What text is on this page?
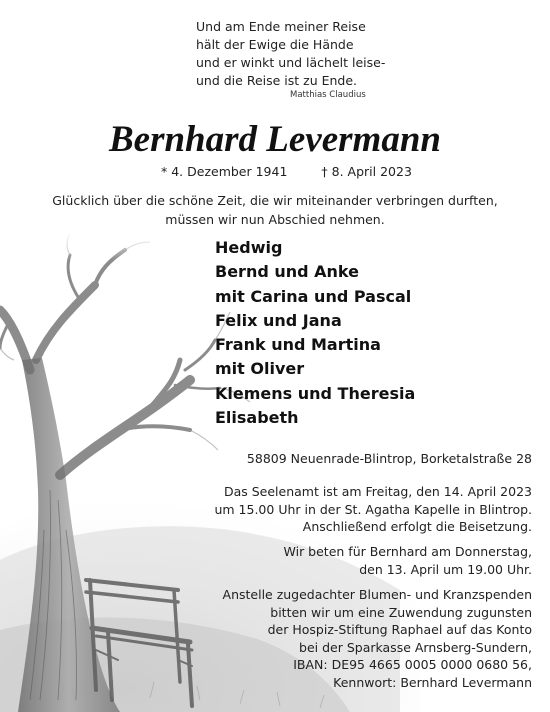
Und am Ende meiner Reise
hält der Ewige die Hände
und er winkt und lächelt leise-
und die Reise ist zu Ende.
Matthias Claudius
Bernhard Levermann
* 4. Dezember 1941	† 8. April 2023
Glücklich über die schöne Zeit, die wir miteinander verbringen durften,
müssen wir nun Abschied nehmen.
Hedwig
Bernd und Anke
mit Carina und Pascal
Felix und Jana
Frank und Martina
mit Oliver
Klemens und Theresia
Elisabeth
58809 Neuenrade-Blintrop, Borketalstraße 28
Das Seelenamt ist am Freitag, den 14. April 2023
um 15.00 Uhr in der St. Agatha Kapelle in Blintrop.
Anschließend erfolgt die Beisetzung.
Wir beten für Bernhard am Donnerstag,
den 13. April um 19.00 Uhr.
Anstelle zugedachter Blumen- und Kranzspenden
bitten wir um eine Zuwendung zugunsten
der Hospiz-Stiftung Raphael auf das Konto
bei der Sparkasse Arnsberg-Sundern,
IBAN: DE95 4665 0005 0000 0680 56,
Kennwort: Bernhard Levermann
